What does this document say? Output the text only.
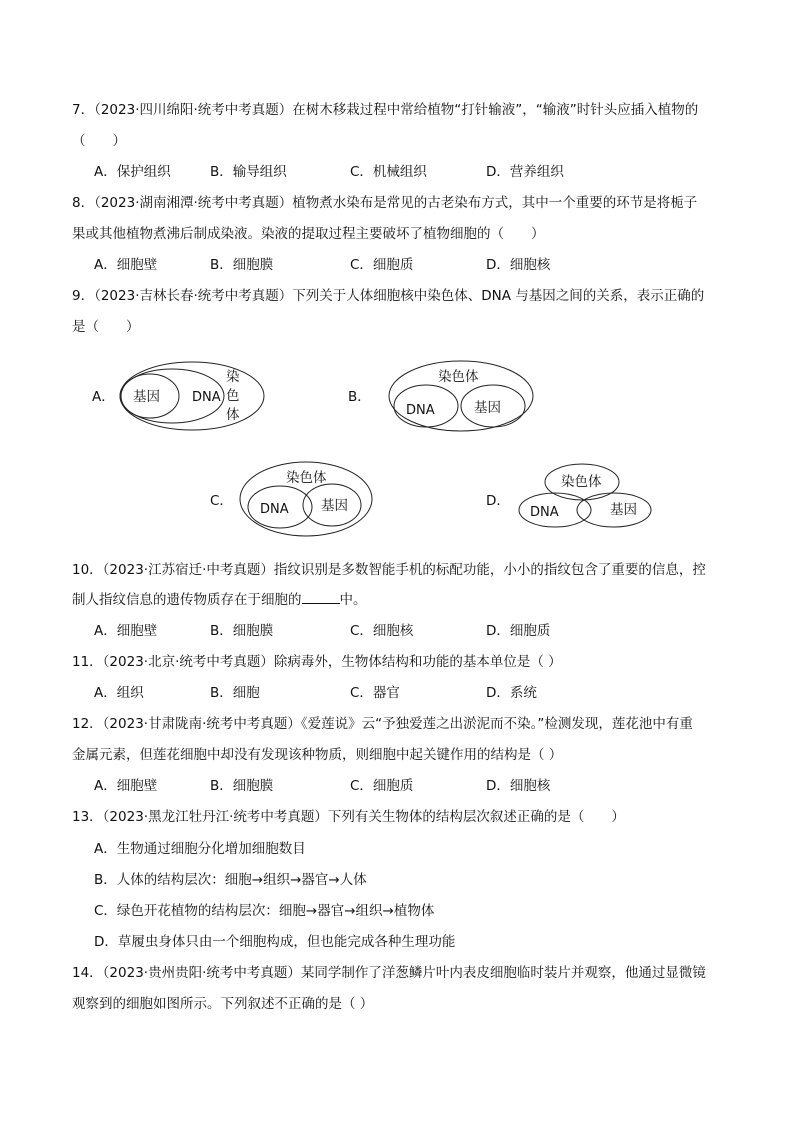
7．（2023·四川绵阳·统考中考真题）在树木移栽过程中常给植物“打针输液”，“输液”时针头应插入植物的
（　　）
A．保护组织	B．输导组织	C．机械组织	D．营养组织
8．（2023·湖南湘潭·统考中考真题）植物煮水染布是常见的古老染布方式，其中一个重要的环节是将栀子
果或其他植物煮沸后制成染液。染液的提取过程主要破坏了植物细胞的（　　）
A．细胞壁	B．细胞膜	C．细胞质	D．细胞核
9．（2023·吉林长春·统考中考真题）下列关于人体细胞核中染色体、DNA 与基因之间的关系，表示正确的
是（　　）
A． 基因 DNA
染
色
体
B．
染色体
DNA	基因
C．
染色体
DNA 基因	D．
染色体
DNA	基因
10．（2023·江苏宿迁·中考真题）指纹识别是多数智能手机的标配功能，小小的指纹包含了重要的信息，控
制人指纹信息的遗传物质存在于细胞的	中。
A．细胞壁	B．细胞膜	C．细胞核	D．细胞质
11．（2023·北京·统考中考真题）除病毒外，生物体结构和功能的基本单位是（ ）
A．组织	B．细胞	C．器官	D．系统
12．（2023·甘肃陇南·统考中考真题）《爱莲说》云“予独爱莲之出淤泥而不染。”检测发现，莲花池中有重
金属元素，但莲花细胞中却没有发现该种物质，则细胞中起关键作用的结构是（ ）
A．细胞壁	B．细胞膜	C．细胞质	D．细胞核
13．（2023·黑龙江牡丹江·统考中考真题）下列有关生物体的结构层次叙述正确的是（　　）
A．生物通过细胞分化增加细胞数目
B．人体的结构层次：细胞→组织→器官→人体
C．绿色开花植物的结构层次：细胞→器官→组织→植物体
D．草履虫身体只由一个细胞构成，但也能完成各种生理功能
14．（2023·贵州贵阳·统考中考真题）某同学制作了洋葱鳞片叶内表皮细胞临时装片并观察，他通过显微镜
观察到的细胞如图所示。下列叙述不正确的是（ ）
